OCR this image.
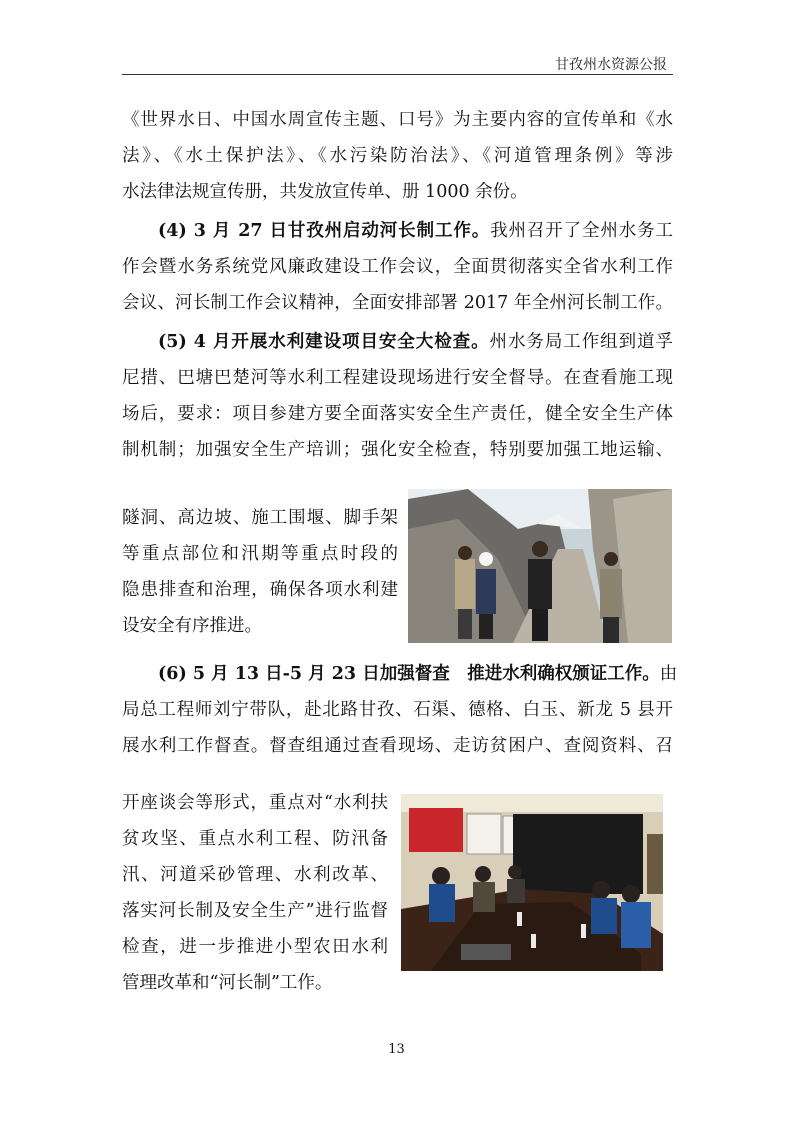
甘孜州水资源公报
《世界水日、中国水周宣传主题、口号》为主要内容的宣传单和《水
法》、《水土保护法》、《水污染防治法》、《河道管理条例》等涉
水法律法规宣传册，共发放宣传单、册 1000 余份。
(4) 3 月 27 日甘孜州启动河长制工作。我州召开了全州水务工
作会暨水务系统党风廉政建设工作会议，全面贯彻落实全省水利工作
会议、河长制工作会议精神，全面安排部署 2017 年全州河长制工作。
(5) 4 月开展水利建设项目安全大检查。州水务局工作组到道孚
尼措、巴塘巴楚河等水利工程建设现场进行安全督导。在查看施工现
场后，要求：项目参建方要全面落实安全生产责任，健全安全生产体
制机制；加强安全生产培训；强化安全检查，特别要加强工地运输、
隧洞、高边坡、施工围堰、脚手架
等重点部位和汛期等重点时段的
隐患排查和治理，确保各项水利建
设安全有序推进。
(6) 5 月 13 日-5 月 23 日加强督查　推进水利确权颁证工作。由
局总工程师刘宁带队，赴北路甘孜、石渠、德格、白玉、新龙 5 县开
展水利工作督查。督查组通过查看现场、走访贫困户、查阅资料、召
开座谈会等形式，重点对“水利扶
贫攻坚、重点水利工程、防汛备
汛、河道采砂管理、水利改革、
落实河长制及安全生产”进行监督
检查，进一步推进小型农田水利
管理改革和“河长制”工作。
13
